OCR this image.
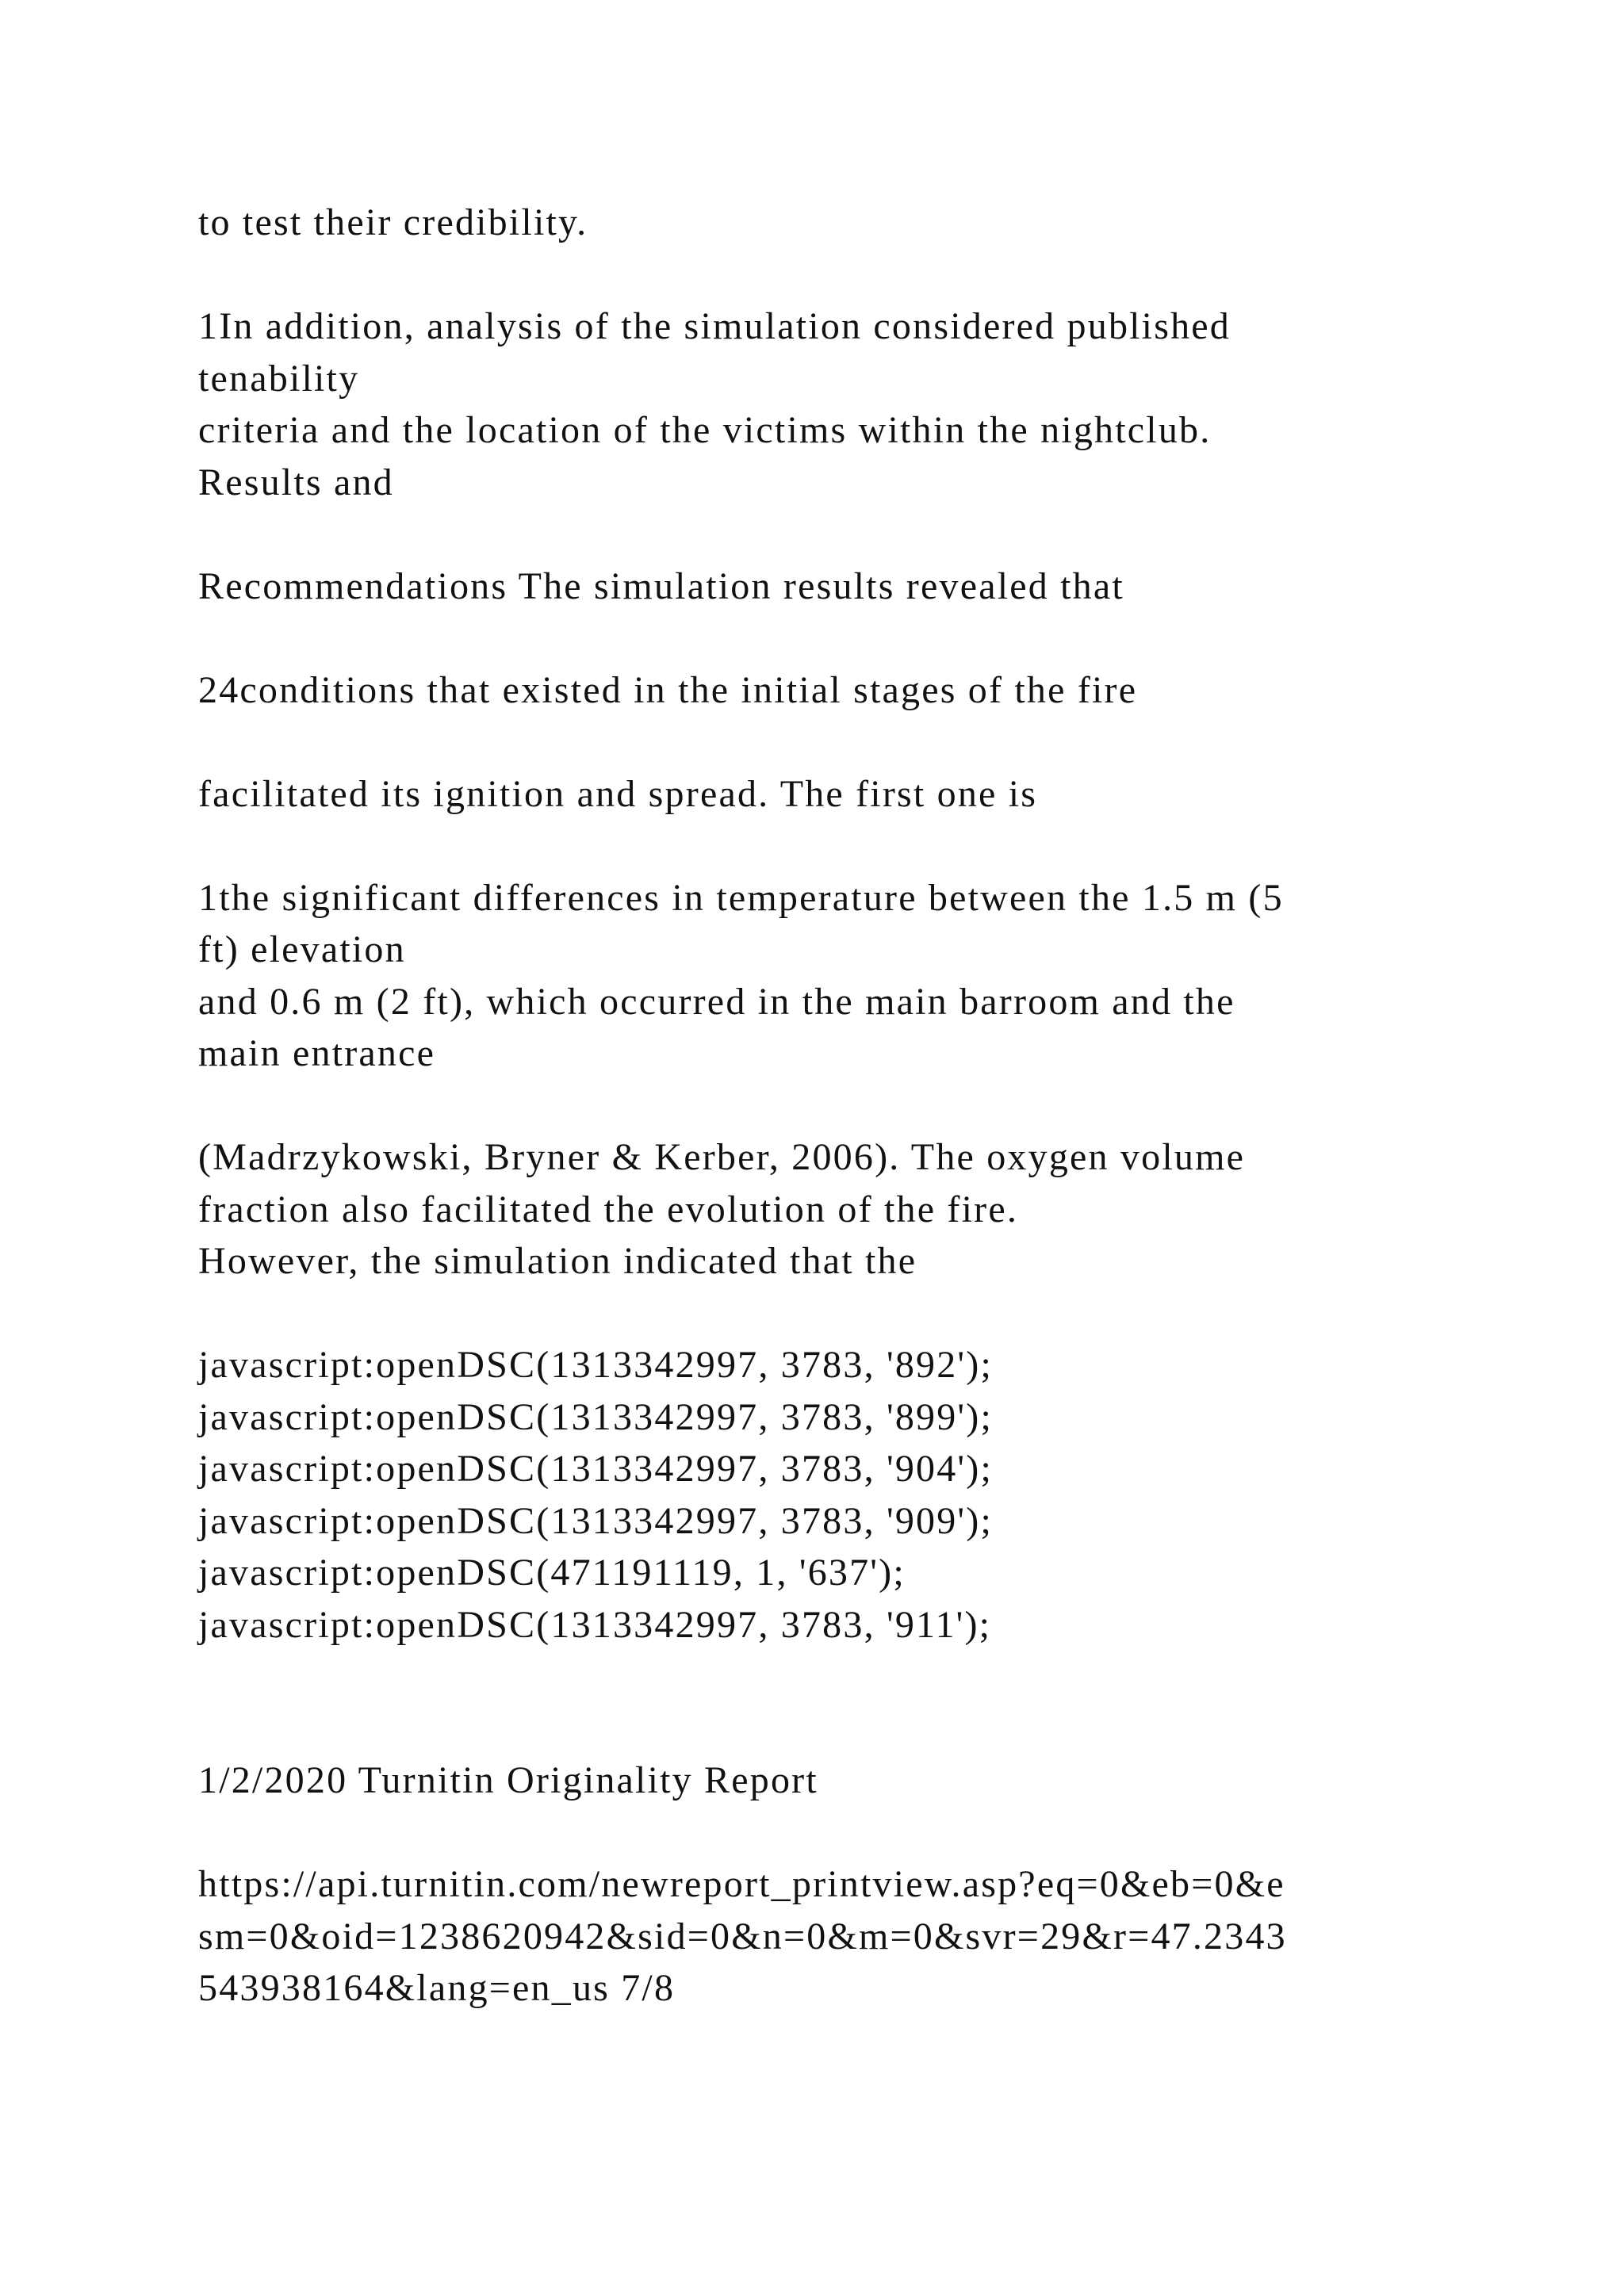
to test their credibility.
1In addition, analysis of the simulation considered published
tenability
criteria and the location of the victims within the nightclub.
Results and
Recommendations The simulation results revealed that
24conditions that existed in the initial stages of the fire
facilitated its ignition and spread. The first one is
1the significant differences in temperature between the 1.5 m (5
ft) elevation
and 0.6 m (2 ft), which occurred in the main barroom and the
main entrance
(Madrzykowski, Bryner & Kerber, 2006). The oxygen volume
fraction also facilitated the evolution of the fire.
However, the simulation indicated that the
javascript:openDSC(1313342997, 3783, '892');
javascript:openDSC(1313342997, 3783, '899');
javascript:openDSC(1313342997, 3783, '904');
javascript:openDSC(1313342997, 3783, '909');
javascript:openDSC(471191119, 1, '637');
javascript:openDSC(1313342997, 3783, '911');
1/2/2020 Turnitin Originality Report
https://api.turnitin.com/newreport_printview.asp?eq=0&eb=0&e
sm=0&oid=1238620942&sid=0&n=0&m=0&svr=29&r=47.2343
543938164&lang=en_us 7/8
